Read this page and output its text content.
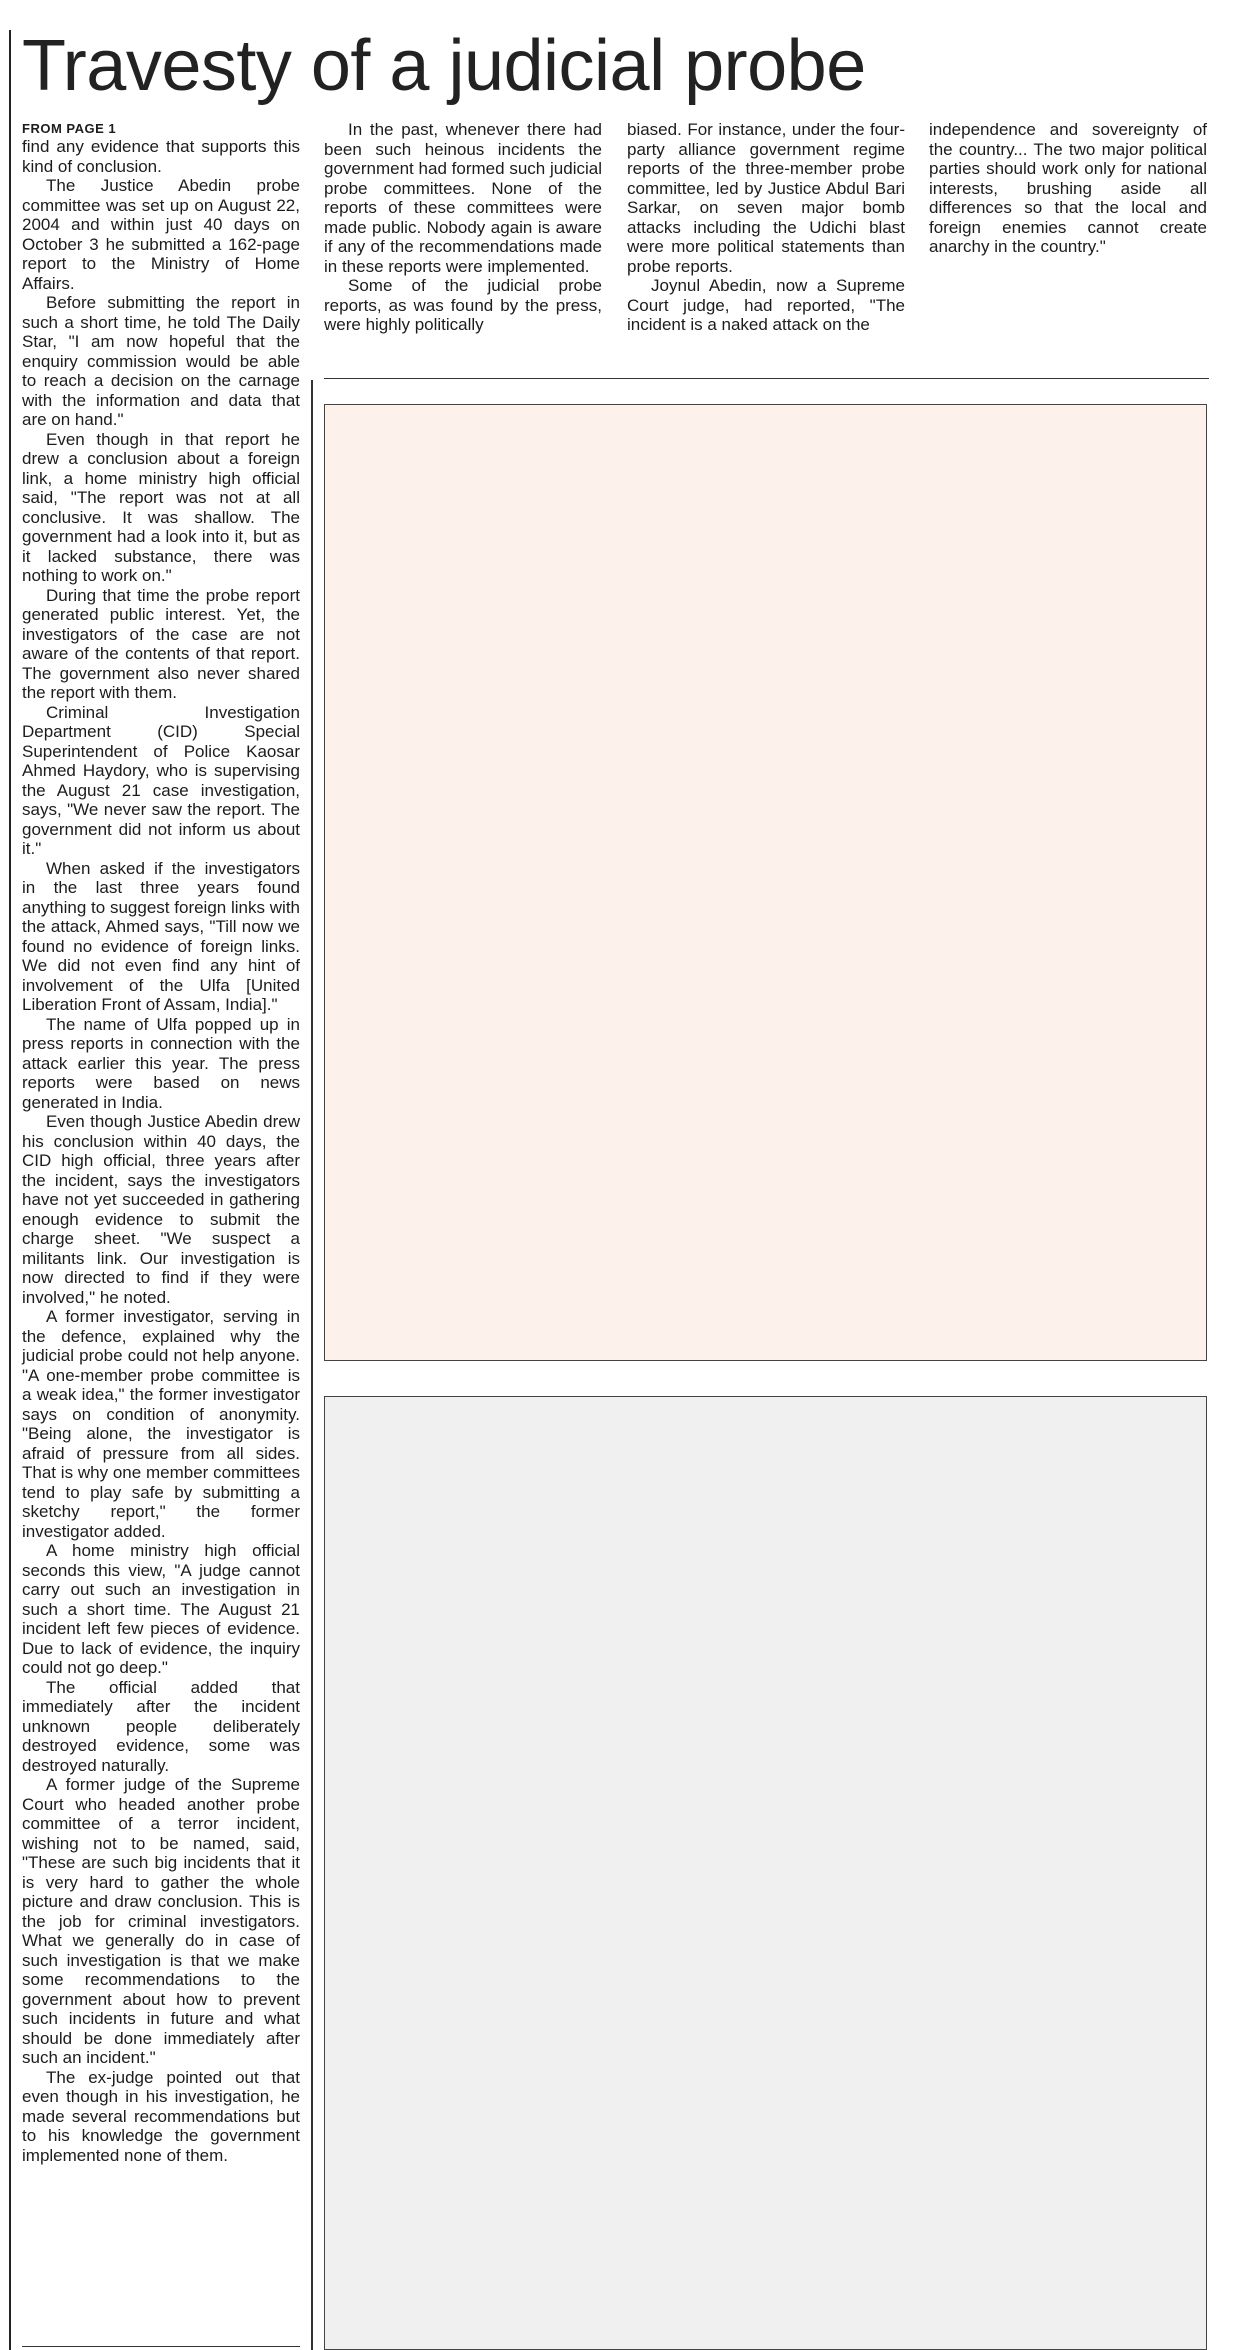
Travesty of a judicial probe
FROM PAGE 1

find any evidence that supports this kind of conclusion.

The Justice Abedin probe committee was set up on August 22, 2004 and within just 40 days on October 3 he submitted a 162-page report to the Ministry of Home Affairs.

Before submitting the report in such a short time, he told The Daily Star, "I am now hopeful that the enquiry commission would be able to reach a decision on the carnage with the information and data that are on hand."

Even though in that report he drew a conclusion about a foreign link, a home ministry high official said, "The report was not at all conclusive. It was shallow. The government had a look into it, but as it lacked substance, there was nothing to work on."

During that time the probe report generated public interest. Yet, the investigators of the case are not aware of the contents of that report. The government also never shared the report with them.

Criminal Investigation Department (CID) Special Superintendent of Police Kaosar Ahmed Haydory, who is supervising the August 21 case investigation, says, "We never saw the report. The government did not inform us about it."

When asked if the investigators in the last three years found anything to suggest foreign links with the attack, Ahmed says, "Till now we found no evidence of foreign links. We did not even find any hint of involvement of the Ulfa [United Liberation Front of Assam, India]."

The name of Ulfa popped up in press reports in connection with the attack earlier this year. The press reports were based on news generated in India.

Even though Justice Abedin drew his conclusion within 40 days, the CID high official, three years after the incident, says the investigators have not yet succeeded in gathering enough evidence to submit the charge sheet. "We suspect a militants link. Our investigation is now directed to find if they were involved," he noted.

A former investigator, serving in the defence, explained why the judicial probe could not help anyone. "A one-member probe committee is a weak idea," the former investigator says on condition of anonymity. "Being alone, the investigator is afraid of pressure from all sides. That is why one member committees tend to play safe by submitting a sketchy report," the former investigator added.

A home ministry high official seconds this view, "A judge cannot carry out such an investigation in such a short time. The August 21 incident left few pieces of evidence. Due to lack of evidence, the inquiry could not go deep."

The official added that immediately after the incident unknown people deliberately destroyed evidence, some was destroyed naturally.

A former judge of the Supreme Court who headed another probe committee of a terror incident, wishing not to be named, said, "These are such big incidents that it is very hard to gather the whole picture and draw conclusion. This is the job for criminal investigators. What we generally do in case of such investigation is that we make some recommendations to the government about how to prevent such incidents in future and what should be done immediately after such an incident."

The ex-judge pointed out that even though in his investigation, he made several recommendations but to his knowledge the government implemented none of them.

In the past, whenever there had been such heinous incidents the government had formed such judicial probe committees. None of the reports of these committees were made public. Nobody again is aware if any of the recommendations made in these reports were implemented.

Some of the judicial probe reports, as was found by the press, were highly politically

biased. For instance, under the four-party alliance government regime reports of the three-member probe committee, led by Justice Abdul Bari Sarkar, on seven major bomb attacks including the Udichi blast were more political statements than probe reports.

Joynul Abedin, now a Supreme Court judge, had reported, "The incident is a naked attack on the

independence and sovereignty of the country... The two major political parties should work only for national interests, brushing aside all differences so that the local and foreign enemies cannot create anarchy in the country."
